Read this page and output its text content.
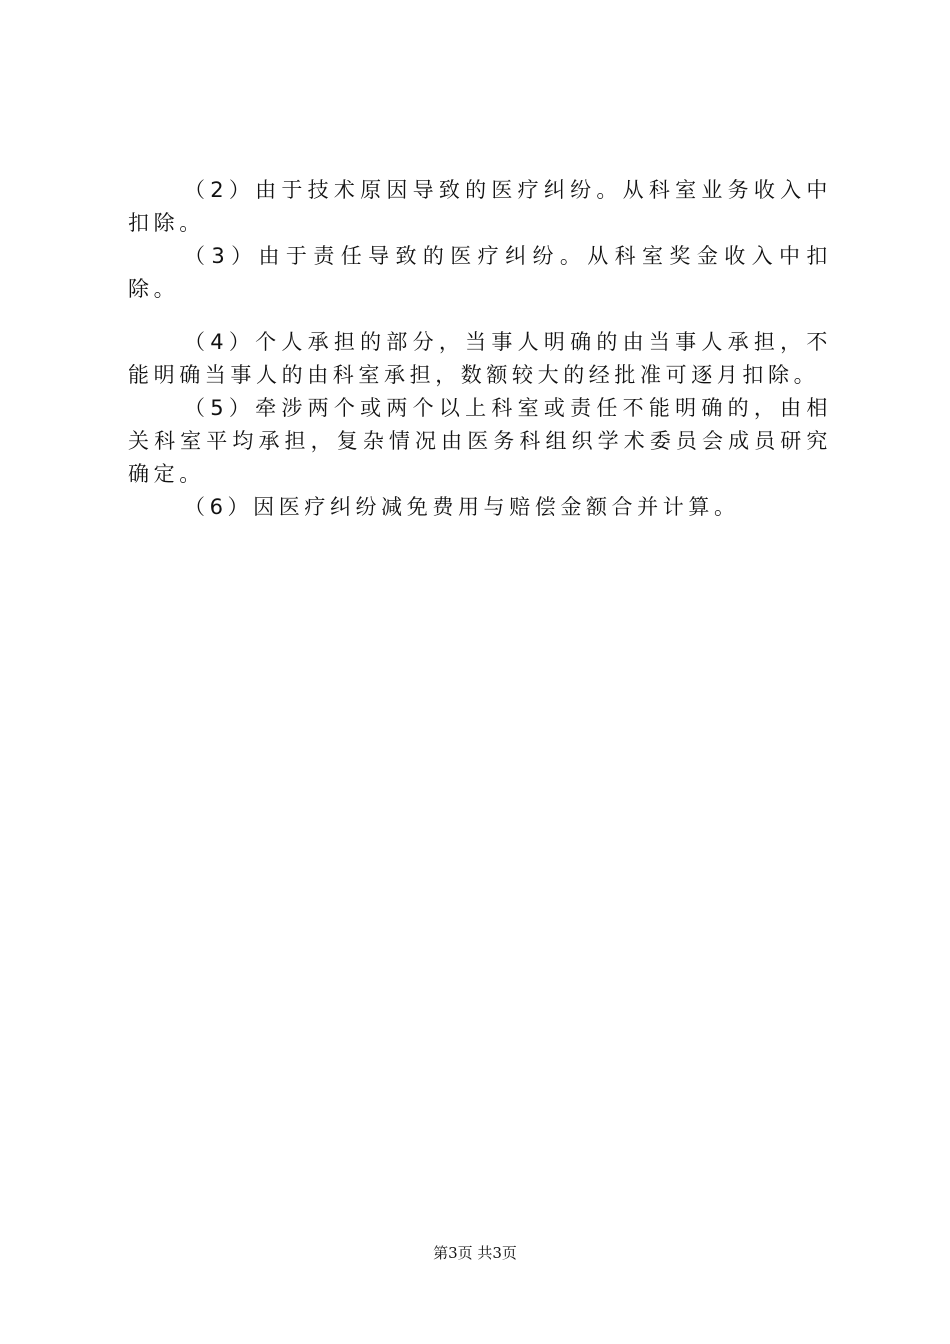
（2）由于技术原因导致的医疗纠纷。从科室业务收入中扣除。

（3）由于责任导致的医疗纠纷。从科室奖金收入中扣除。

（4）个人承担的部分，当事人明确的由当事人承担，不能明确当事人的由科室承担，数额较大的经批准可逐月扣除。

（5）牵涉两个或两个以上科室或责任不能明确的，由相关科室平均承担，复杂情况由医务科组织学术委员会成员研究确定。

（6）因医疗纠纷减免费用与赔偿金额合并计算。

第3页 共3页
